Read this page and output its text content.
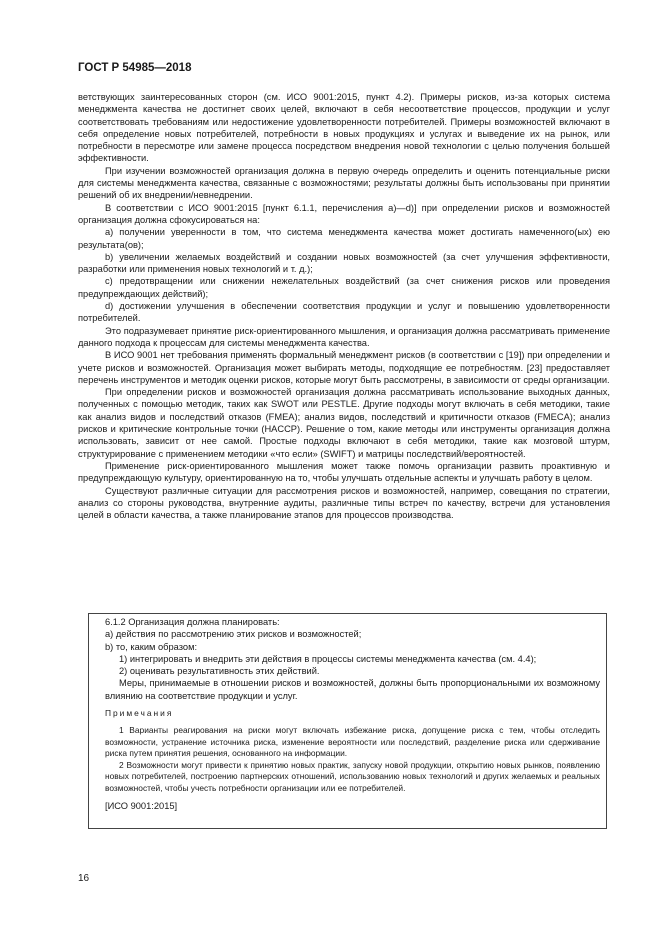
ГОСТ Р 54985—2018

ветствующих заинтересованных сторон (см. ИСО 9001:2015, пункт 4.2). Примеры рисков, из-за которых система менеджмента качества не достигнет своих целей, включают в себя несоответствие процессов, продукции и услуг соответствовать требованиям или недостижение удовлетворенности потребителей. Примеры возможностей включают в себя определение новых потребителей, потребности в новых продукциях и услугах и выведение их на рынок, или потребности в пересмотре или замене процесса посредством внедрения новой технологии с целью получения большей эффективности.

При изучении возможностей организация должна в первую очередь определить и оценить потенциальные риски для системы менеджмента качества, связанные с возможностями; результаты должны быть использованы при принятии решений об их внедрении/невнедрении.

В соответствии с ИСО 9001:2015 [пункт 6.1.1, перечисления а)—d)] при определении рисков и возможностей организация должна сфокусироваться на:

а) получении уверенности в том, что система менеджмента качества может достигать намеченного(ых) ею результата(ов);

b) увеличении желаемых воздействий и создании новых возможностей (за счет улучшения эффективности, разработки или применения новых технологий и т. д.);

c) предотвращении или снижении нежелательных воздействий (за счет снижения рисков или проведения предупреждающих действий);

d) достижении улучшения в обеспечении соответствия продукции и услуг и повышению удовлетворенности потребителей.

Это подразумевает принятие риск-ориентированного мышления, и организация должна рассматривать применение данного подхода к процессам для системы менеджмента качества.

В ИСО 9001 нет требования применять формальный менеджмент рисков (в соответствии с [19]) при определении и учете рисков и возможностей. Организация может выбирать методы, подходящие ее потребностям. [23] предоставляет перечень инструментов и методик оценки рисков, которые могут быть рассмотрены, в зависимости от среды организации.

При определении рисков и возможностей организация должна рассматривать использование выходных данных, полученных с помощью методик, таких как SWOT или PESTLE. Другие подходы могут включать в себя методики, такие как анализ видов и последствий отказов (FMEA); анализ видов, последствий и критичности отказов (FMECA); анализ рисков и критические контрольные точки (HACCP). Решение о том, какие методы или инструменты организация должна использовать, зависит от нее самой. Простые подходы включают в себя методики, такие как мозговой штурм, структурирование с применением методики «что если» (SWIFT) и матрицы последствий/вероятностей.

Применение риск-ориентированного мышления может также помочь организации развить проактивную и предупреждающую культуру, ориентированную на то, чтобы улучшать отдельные аспекты и улучшать работу в целом.

Существуют различные ситуации для рассмотрения рисков и возможностей, например, совещания по стратегии, анализ со стороны руководства, внутренние аудиты, различные типы встреч по качеству, встречи для установления целей в области качества, а также планирование этапов для процессов производства.

6.1.2 Организация должна планировать:

а) действия по рассмотрению этих рисков и возможностей;

b) то, каким образом:

1) интегрировать и внедрить эти действия в процессы системы менеджмента качества (см. 4.4);

2) оценивать результативность этих действий.

Меры, принимаемые в отношении рисков и возможностей, должны быть пропорциональными их возможному влиянию на соответствие продукции и услуг.

Примечания

1 Варианты реагирования на риски могут включать избежание риска, допущение риска с тем, чтобы отследить возможности, устранение источника риска, изменение вероятности или последствий, разделение риска или сдерживание риска путем принятия решения, основанного на информации.

2 Возможности могут привести к принятию новых практик, запуску новой продукции, открытию новых рынков, появлению новых потребителей, построению партнерских отношений, использованию новых технологий и других желаемых и реальных возможностей, чтобы учесть потребности организации или ее потребителей.

[ИСО 9001:2015]

16
